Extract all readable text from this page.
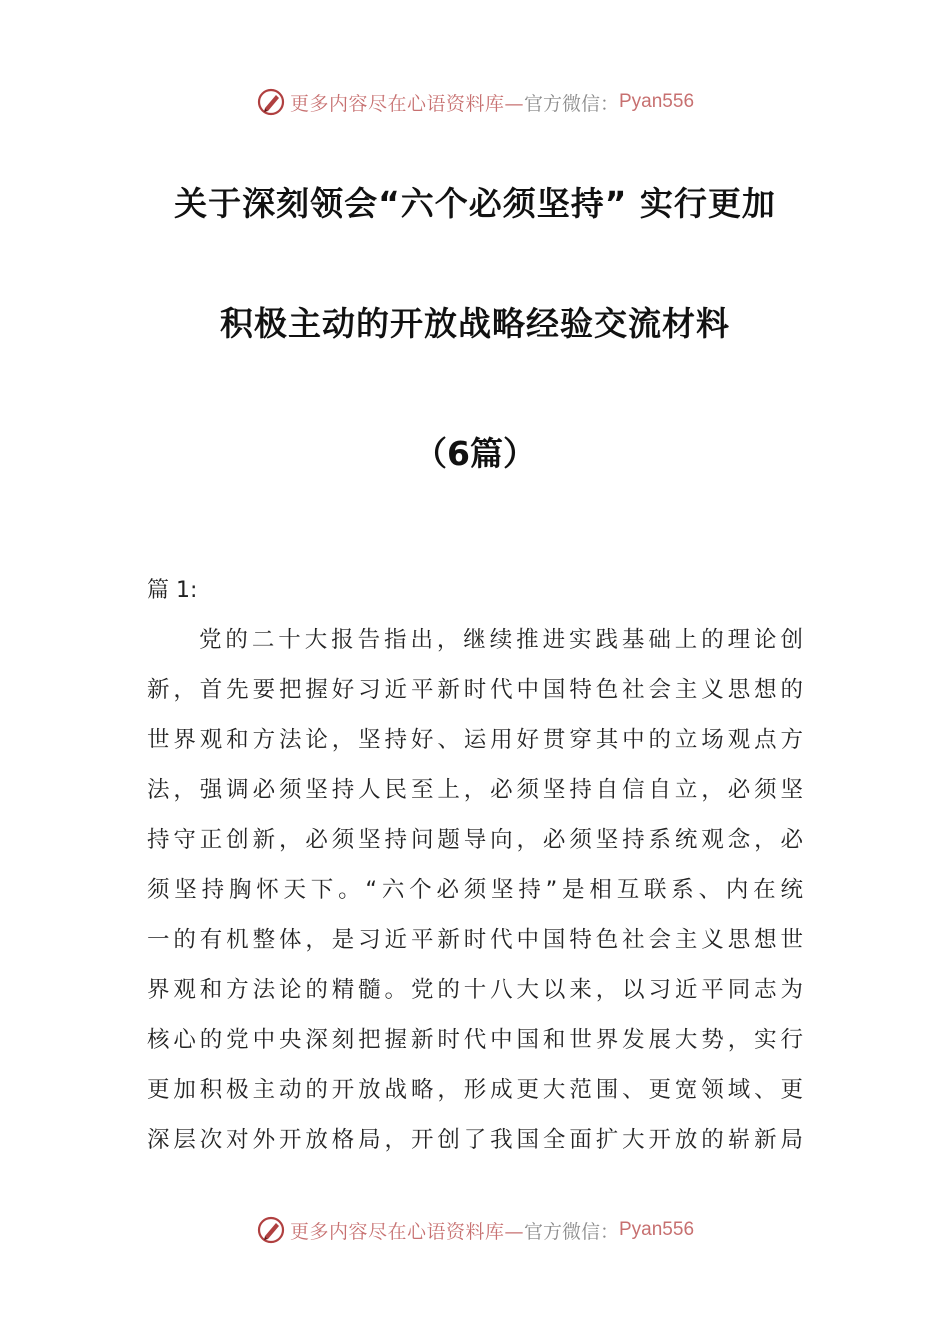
更多内容尽在心语资料库— 官方微信： Pyan556
关于深刻领会“六个必须坚持” 实行更加
积极主动的开放战略经验交流材料
（6篇）
篇 1:
党的二十大报告指出，继续推进实践基础上的理论创
新，首先要把握好习近平新时代中国特色社会主义思想的
世界观和方法论，坚持好、运用好贯穿其中的立场观点方
法，强调必须坚持人民至上，必须坚持自信自立，必须坚
持守正创新，必须坚持问题导向，必须坚持系统观念，必
须坚持胸怀天下。“六个必须坚持”是相互联系、内在统
一的有机整体，是习近平新时代中国特色社会主义思想世
界观和方法论的精髓。党的十八大以来，以习近平同志为
核心的党中央深刻把握新时代中国和世界发展大势，实行
更加积极主动的开放战略，形成更大范围、更宽领域、更
深层次对外开放格局，开创了我国全面扩大开放的崭新局
更多内容尽在心语资料库— 官方微信： Pyan556
